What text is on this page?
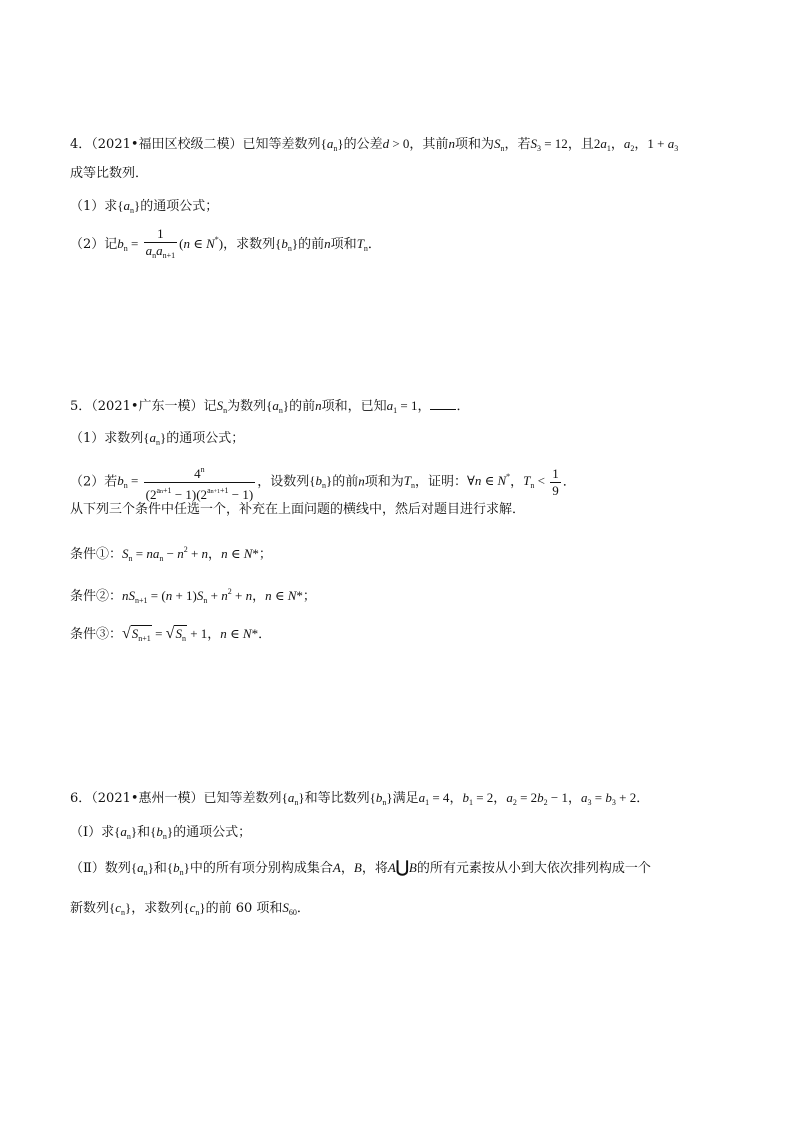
4．（2021•福田区校级二模）已知等差数列$\{a_n\}$的公差d > 0，其前n项和为$S_n$，若$S_3 = 12$，且$2a_1$，$a_2$，$1 + a_3$
成等比数列．
（1）求$\{a_n\}$的通项公式；
（2）记$b_n = \frac{1}{a_na_{n+1}} (n$ ∈ N*)，求数列$\{b_n\}$的前n项和$T_n$．
5．（2021•广东一模）记$S_n$为数列$\{a_n\}$的前n项和，已知$a_1 = 1$， ．
（1）求数列$\{a_n\}$的通项公式；
（2）若$b_n = \frac{4^n}{(2^{an+1} - 1)(2^{an+1+1} - 1)}$ ，设数列$\{b_n\}$的前n项和为$T_n$，证明：∀n ∈ N*，$T_n < \frac{1}{9}$ ．
从下列三个条件中任选一个，补充在上面问题的横线中，然后对题目进行求解．
条件①：$S_n = na_n - n^2 + n$，n ∈ N*；
条件②：$nS_{n+1} = (n + 1)S_n + n^2 + n$，n ∈ N*；
条件③：$√S_{n+1} = √S_n + 1$，n ∈ N*．
6．（2021•惠州一模）已知等差数列$\{a_n\}$和等比数列$\{b_n\}$满足$a_1 = 4$，$b_1 = 2$，$a_2 = 2b_2 - 1$，$a_3 = b_3 + 2$．
（Ⅰ）求$\{a_n\}$和$\{b_n\}$的通项公式；
（Ⅱ）数列$\{a_n\}$和$\{b_n\}$中的所有项分别构成集合A，B，将A⋃B的所有元素按从小到大依次排列构成一个
新数列$\{c_n\}$，求数列$\{c_n\}$的前 60 项和$S_{60}$．
